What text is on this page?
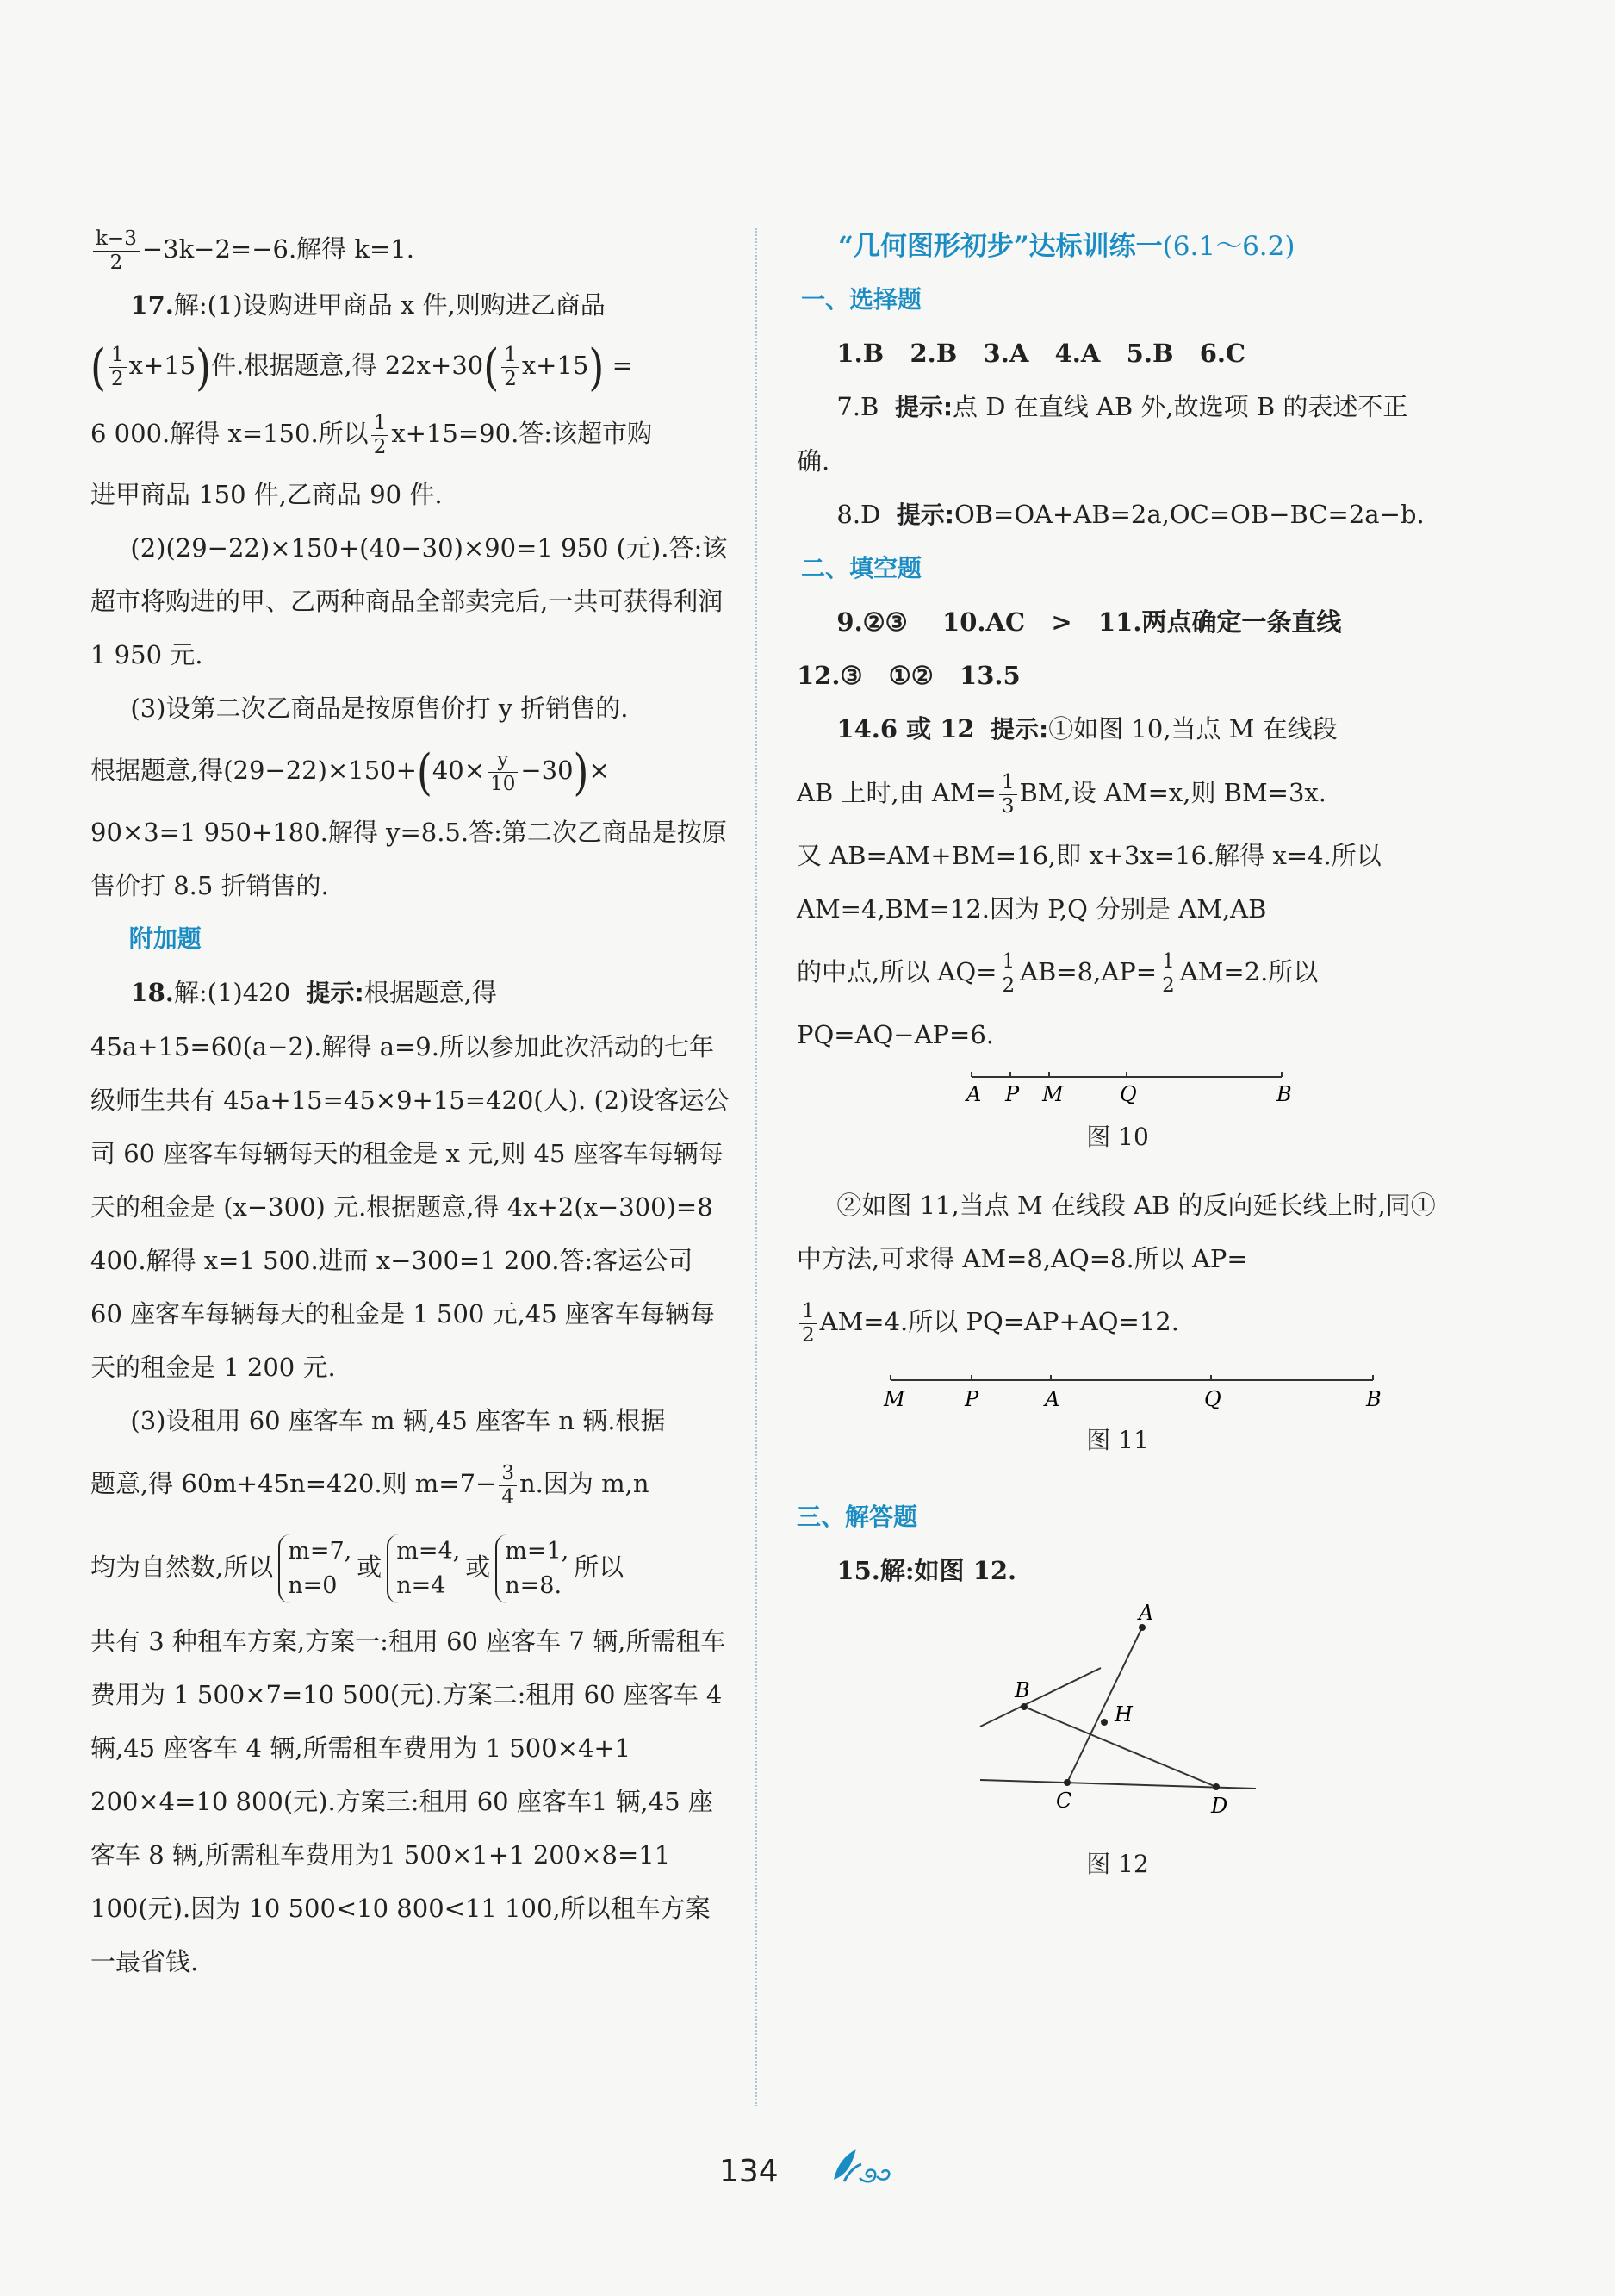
$\frac{k-3}{2} -3k-2=-6$.解得 k=1.

17.解:(1)设购进甲商品 x 件,则购进乙商品

( $\frac{1}{2} x+15$)件.根据题意,得 $22x+30( \frac{1}{2} x+15)$ =

6 000.解得 x=150.所以 $\frac{1}{2} x+15=90$.答:该超市购

进甲商品 150 件,乙商品 90 件.

(2)(29−22)×150+(40−30)×90=1 950 (元).答:该超市将购进的甲、乙两种商品全部卖完后,一共可获得利润 1 950 元.

(3)设第二次乙商品是按原售价打 y 折销售的.

根据题意,得$(29-22)\times 150+(40\times \frac{y}{10} -30)\times$

90×3=1 950+180.解得 y=8.5.答:第二次乙商品是按原售价打 8.5 折销售的.

附加题

18.解:(1)420 提示:根据题意,得 45a+15=60(a−2).解得 a=9.所以参加此次活动的七年级师生共有 45a+15=45×9+15=420(人). (2)设客运公司 60 座客车每辆每天的租金是 x 元,则 45 座客车每辆每天的租金是 (x−300) 元.根据题意,得 4x+2(x−300)=8 400.解得 x=1 500.进而 x−300=1 200.答:客运公司 60 座客车每辆每天的租金是 1 500 元,45 座客车每辆每天的租金是 1 200 元.

(3)设租用 60 座客车 m 辆,45 座客车 n 辆.根据

题意,得 60m+45n=420.则 $m=7- \frac{3}{4} n$.因为 m,n

均为自然数,所以
m=7,
n=0
或
m=4,
n=4
或
m=1,
n=8.
所以

共有 3 种租车方案,方案一:租用 60 座客车 7 辆,所需租车费用为 1 500×7=10 500(元).方案二:租用 60 座客车 4 辆,45 座客车 4 辆,所需租车费用为 1 500×4+1 200×4=10 800(元).方案三:租用 60 座客车1 辆,45 座客车 8 辆,所需租车费用为1 500×1+1 200×8=11 100(元).因为 10 500<10 800<11 100,所以租车方案一最省钱.

“几何图形初步”达标训练一(6.1～6.2)

一、选择题

1.B   2.B   3.A   4.A   5.B   6.C

7.B 提示:点 D 在直线 AB 外,故选项 B 的表述不正确.

8.D 提示:OB=OA+AB=2a,OC=OB−BC=2a−b.

二、填空题

9.②③    10.AC   >   11.两点确定一条直线

12.③   ①②   13.5

14.6 或 12 提示:①如图 10,当点 M 在线段

AB 上时,由 $AM= \frac{1}{3}$ BM,设 AM=x,则 BM=3x.

又 AB=AM+BM=16,即 x+3x=16.解得 x=4.所以 AM=4,BM=12.因为 P,Q 分别是 AM,AB

的中点,所以 $AQ= \frac{1}{2} AB=8,AP= \frac{1}{2} AM=2$.所以

PQ=AQ−AP=6.

A P M	Q	B

图 10

②如图 11,当点 M 在线段 AB 的反向延长线上时,同①中方法,可求得 AM=8,AQ=8.所以 AP=

$\frac{1}{2} AM=4$.所以 PQ=AP+AQ=12.

M	P	A	Q	B

图 11

三、解答题

15.解:如图 12.

A
B
H
C	D

图 12

134
